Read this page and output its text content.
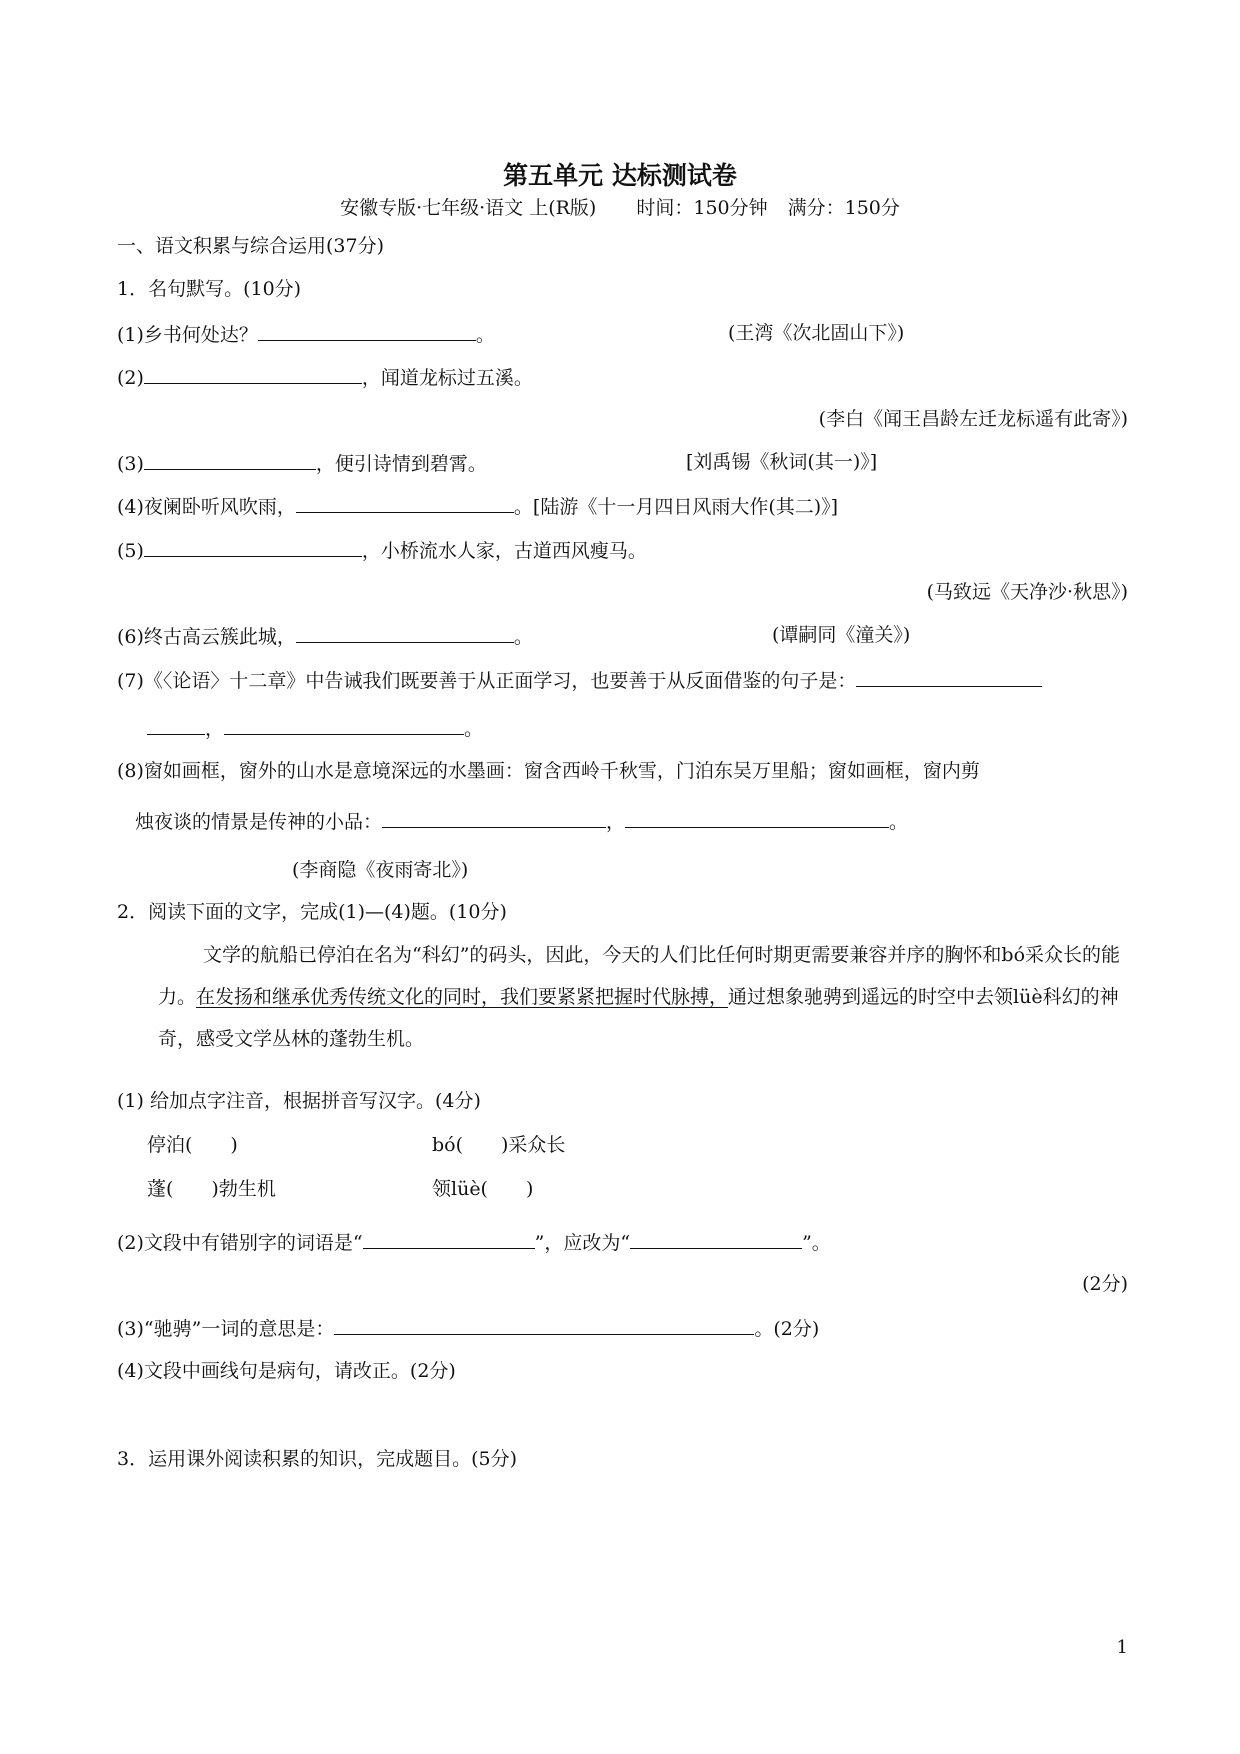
第五单元 达标测试卷
安徽专版·七年级·语文 上(R版) 时间：150分钟 满分：150分
一、语文积累与综合运用(37分)
1．名句默写。(10分)
(1)乡书何处达？	。	(王湾《次北固山下》)
(2)	，闻道龙标过五溪。
(李白《闻王昌龄左迁龙标遥有此寄》)
(3)	，便引诗情到碧霄。	[刘禹锡《秋词(其一)》]
(4)夜阑卧听风吹雨，	。[陆游《十一月四日风雨大作(其二)》]
(5)	，小桥流水人家，古道西风瘦马。
(马致远《天净沙·秋思》)
(6)终古高云簇此城，	。	(谭嗣同《潼关》)
(7)《〈论语〉十二章》中告诫我们既要善于从正面学习，也要善于从反面借鉴的句子是：
，	。
(8)窗如画框，窗外的山水是意境深远的水墨画：窗含西岭千秋雪，门泊东吴万里船；窗如画框，窗内剪
烛夜谈的情景是传神的小品：	，	。
(李商隐《夜雨寄北》)
2．阅读下面的文字，完成(1)—(4)题。(10分)
文学的航船已停泊在名为“科幻”的码头，因此，今天的人们比任何时期更需要兼容并序的胸怀和bó采众长的能力。在发扬和继承优秀传统文化的同时，我们要紧紧把握时代脉搏，通过想象驰骋到遥远的时空中去领lüè科幻的神奇，感受文学丛林的蓬勃生机。
(1) 给加点字注音，根据拼音写汉字。(4分)
停泊(　　)	bó(　　)采众长
蓬(　　)勃生机	领lüè(　　)
(2)文段中有错别字的词语是“	”，应改为“	”。
(2分)
(3)“驰骋”一词的意思是：	。(2分)
(4)文段中画线句是病句，请改正。(2分)
3．运用课外阅读积累的知识，完成题目。(5分)
1
